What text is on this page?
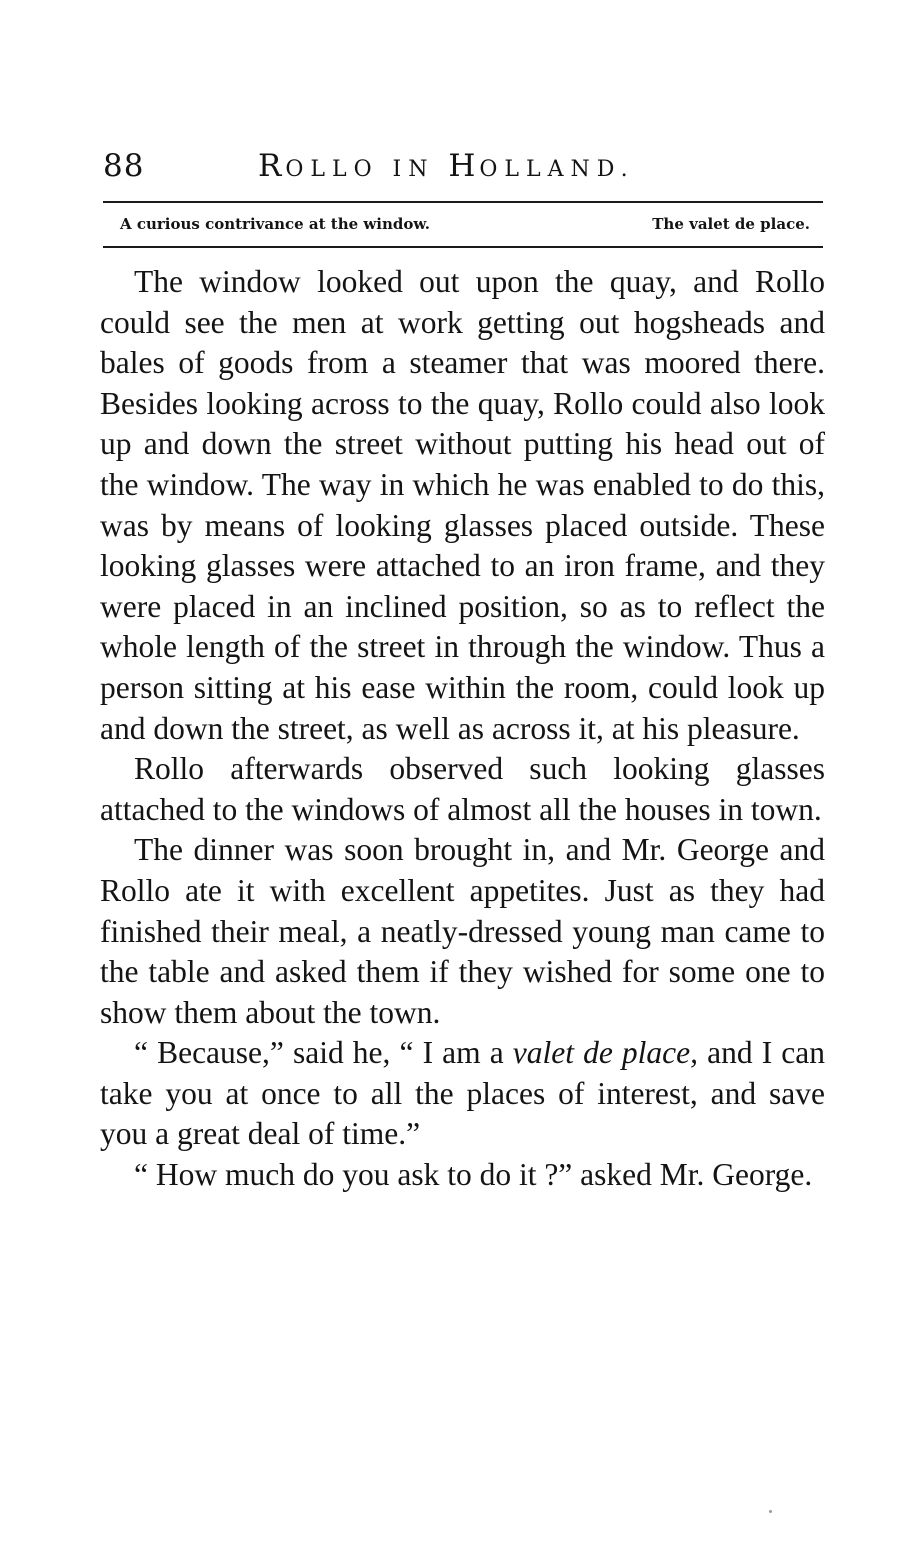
88	ROLLO IN HOLLAND.
A curious contrivance at the window.	The valet de place.

The window looked out upon the quay, and Rollo could see the men at work getting out hogsheads and bales of goods from a steamer that was moored there. Besides looking across to the quay, Rollo could also look up and down the street without putting his head out of the window. The way in which he was enabled to do this, was by means of looking glasses placed outside. These looking glasses were attached to an iron frame, and they were placed in an inclined position, so as to reflect the whole length of the street in through the window. Thus a person sitting at his ease within the room, could look up and down the street, as well as across it, at his pleasure.

Rollo afterwards observed such looking glasses attached to the windows of almost all the houses in town.

The dinner was soon brought in, and Mr. George and Rollo ate it with excellent appetites. Just as they had finished their meal, a neatly-dressed young man came to the table and asked them if they wished for some one to show them about the town.

“ Because,” said he, “ I am a valet de place, and I can take you at once to all the places of interest, and save you a great deal of time.”

“ How much do you ask to do it ?” asked Mr. George.
